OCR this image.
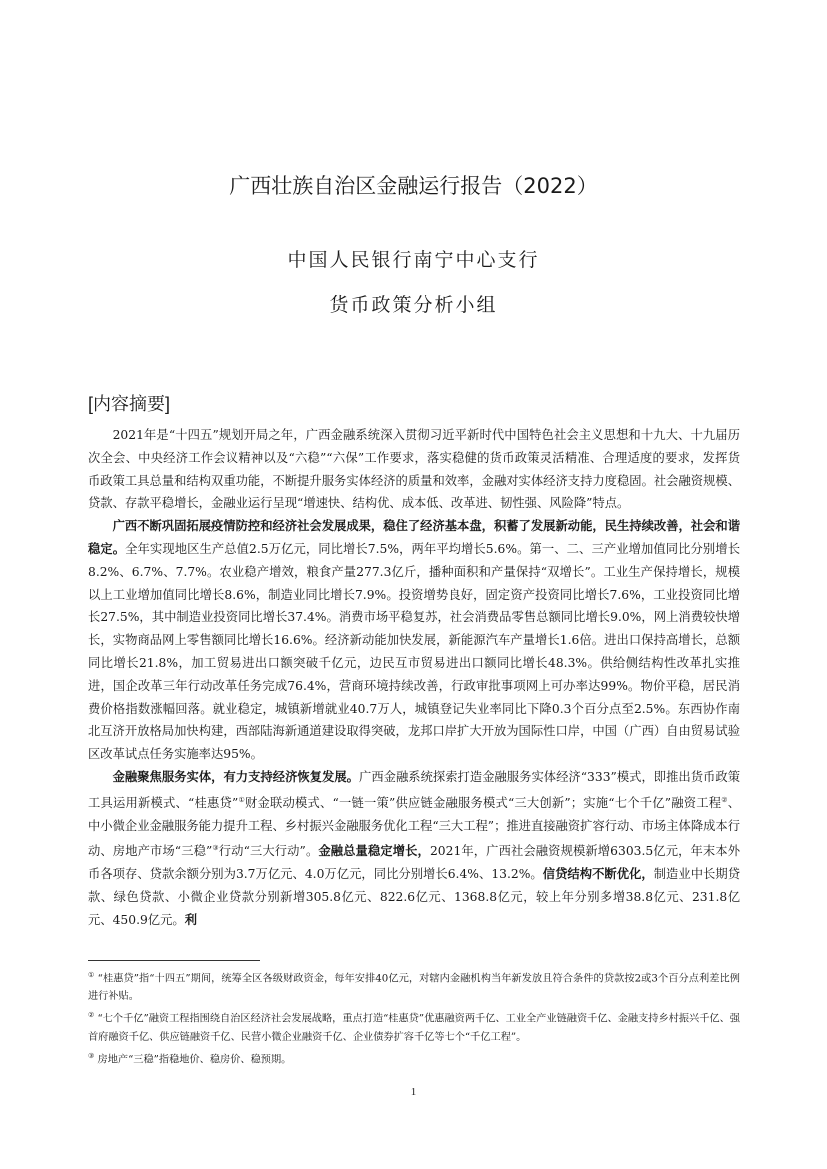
广西壮族自治区金融运行报告（2022）
中国人民银行南宁中心支行
货币政策分析小组
[内容摘要]

2021年是“十四五”规划开局之年，广西金融系统深入贯彻习近平新时代中国特色社会主义思想和十九大、十九届历次全会、中央经济工作会议精神以及“六稳”“六保”工作要求，落实稳健的货币政策灵活精准、合理适度的要求，发挥货币政策工具总量和结构双重功能，不断提升服务实体经济的质量和效率，金融对实体经济支持力度稳固。社会融资规模、贷款、存款平稳增长，金融业运行呈现“增速快、结构优、成本低、改革进、韧性强、风险降”特点。

广西不断巩固拓展疫情防控和经济社会发展成果，稳住了经济基本盘，积蓄了发展新动能，民生持续改善，社会和谐稳定。全年实现地区生产总值2.5万亿元，同比增长7.5%，两年平均增长5.6%。第一、二、三产业增加值同比分别增长8.2%、6.7%、7.7%。农业稳产增效，粮食产量277.3亿斤，播种面积和产量保持“双增长”。工业生产保持增长，规模以上工业增加值同比增长8.6%，制造业同比增长7.9%。投资增势良好，固定资产投资同比增长7.6%，工业投资同比增长27.5%，其中制造业投资同比增长37.4%。消费市场平稳复苏，社会消费品零售总额同比增长9.0%，网上消费较快增长，实物商品网上零售额同比增长16.6%。经济新动能加快发展，新能源汽车产量增长1.6倍。进出口保持高增长，总额同比增长21.8%，加工贸易进出口额突破千亿元，边民互市贸易进出口额同比增长48.3%。供给侧结构性改革扎实推进，国企改革三年行动改革任务完成76.4%，营商环境持续改善，行政审批事项网上可办率达99%。物价平稳，居民消费价格指数涨幅回落。就业稳定，城镇新增就业40.7万人，城镇登记失业率同比下降0.3个百分点至2.5%。东西协作南北互济开放格局加快构建，西部陆海新通道建设取得突破，龙邦口岸扩大开放为国际性口岸，中国（广西）自由贸易试验区改革试点任务实施率达95%。

金融聚焦服务实体，有力支持经济恢复发展。广西金融系统探索打造金融服务实体经济“333”模式，即推出货币政策工具运用新模式、“桂惠贷”①财金联动模式、“一链一策”供应链金融服务模式“三大创新”；实施“七个千亿”融资工程②、中小微企业金融服务能力提升工程、乡村振兴金融服务优化工程“三大工程”；推进直接融资扩容行动、市场主体降成本行动、房地产市场“三稳”③行动“三大行动”。金融总量稳定增长，2021年，广西社会融资规模新增6303.5亿元，年末本外币各项存、贷款余额分别为3.7万亿元、4.0万亿元，同比分别增长6.4%、13.2%。信贷结构不断优化，制造业中长期贷款、绿色贷款、小微企业贷款分别新增305.8亿元、822.6亿元、1368.8亿元，较上年分别多增38.8亿元、231.8亿元、450.9亿元。利

① “桂惠贷”指“十四五”期间，统筹全区各级财政资金，每年安排40亿元，对辖内金融机构当年新发放且符合条件的贷款按2或3个百分点利差比例进行补贴。

② “七个千亿”融资工程指围绕自治区经济社会发展战略，重点打造“桂惠贷”优惠融资两千亿、工业全产业链融资千亿、金融支持乡村振兴千亿、强首府融资千亿、供应链融资千亿、民营小微企业融资千亿、企业债券扩容千亿等七个“千亿工程”。

③ 房地产“三稳”指稳地价、稳房价、稳预期。

1
